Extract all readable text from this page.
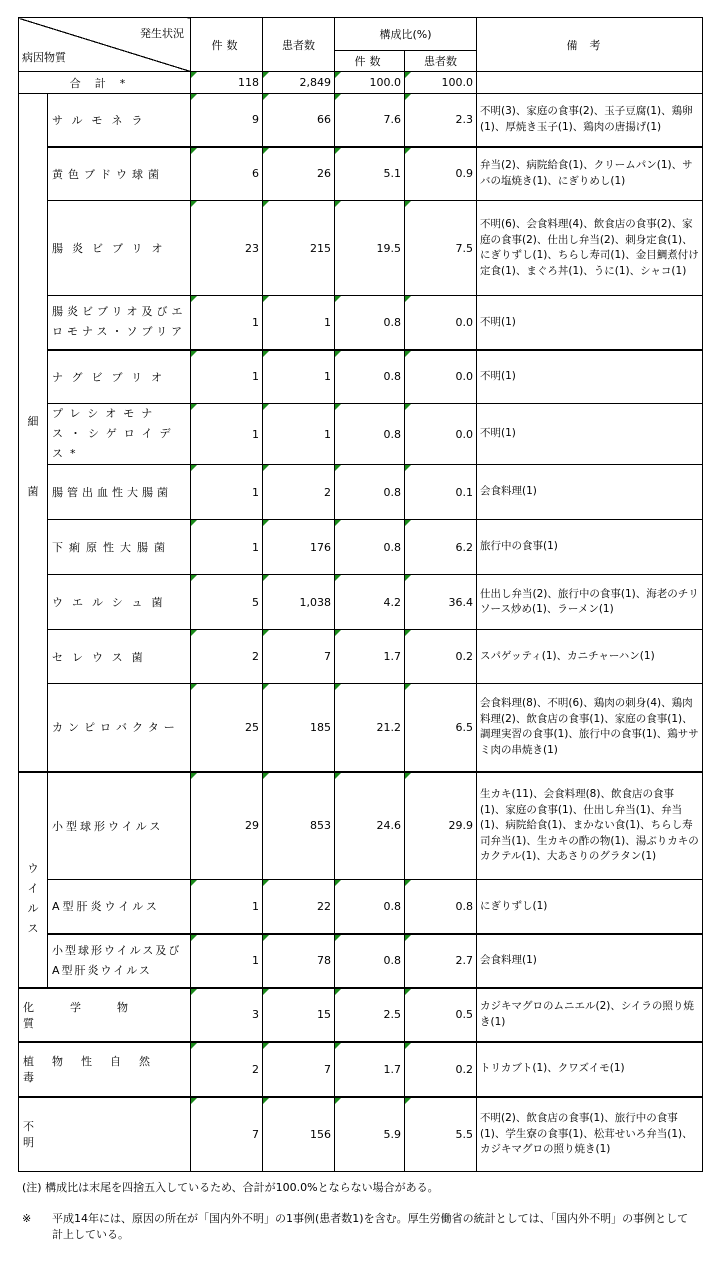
発生状況
病因物質		件数	患者数	構成比(%)		備考
				件数	患者数	
合計*		118	2,849	100.0	100.0	
細菌	サルモネラ	9	66	7.6	2.3	不明(3)、家庭の食事(2)、玉子豆腐(1)、鶏卵(1)、厚焼き玉子(1)、鶏肉の唐揚げ(1)
	黄色ブドウ球菌	6	26	5.1	0.9	弁当(2)、病院給食(1)、クリームパン(1)、サバの塩焼き(1)、にぎりめし(1)
	腸炎ビブリオ	23	215	19.5	7.5	不明(6)、会食料理(4)、飲食店の食事(2)、家庭の食事(2)、仕出し弁当(2)、刺身定食(1)、にぎりずし(1)、ちらし寿司(1)、金目鯛煮付け定食(1)、まぐろ丼(1)、うに(1)、シャコ(1)

	腸炎ビブリオ及びエロモナス・ソブリア	1	1	0.8	0.0	不明(1)
	ナグビブリオ	1	1	0.8	0.0	不明(1)

	プレシオモナス・シゲロイデス*	1	1	0.8	0.0	不明(1)
	腸管出血性大腸菌	1	2	0.8	0.1	会食料理(1)
	下痢原性大腸菌	1	176	0.8	6.2	旅行中の食事(1)
	ウエルシュ菌	5	1,038	4.2	36.4	仕出し弁当(2)、旅行中の食事(1)、海老のチリソース炒め(1)、ラーメン(1)
	セレウス菌	2	7	1.7	0.2	スパゲッティ(1)、カニチャーハン(1)
	カンピロバクター	25	185	21.2	6.5	会食料理(8)、不明(6)、鶏肉の刺身(4)、鶏肉料理(2)、飲食店の食事(1)、家庭の食事(1)、調理実習の食事(1)、旅行中の食事(1)、鶏ササミ肉の串焼き(1)
ウイルス	小型球形ウイルス	29	853	24.6	29.9	生カキ(11)、会食料理(8)、飲食店の食事(1)、家庭の食事(1)、仕出し弁当(1)、弁当(1)、病院給食(1)、まかない食(1)、ちらし寿司弁当(1)、生カキの酢の物(1)、湯ぶりカキのカクテル(1)、大あさりのグラタン(1)
	A型肝炎ウイルス	1	22	0.8	0.8	にぎりずし(1)

	小型球形ウイルス及びA型肝炎ウイルス	1	78	0.8	2.7	会食料理(1)
化学物質		3	15	2.5	0.5	カジキマグロのムニエル(2)、シイラの照り焼き(1)
植物性自然毒		2	7	1.7	0.2	トリカブト(1)、クワズイモ(1)
不明		7	156	5.9	5.5	不明(2)、飲食店の食事(1)、旅行中の食事(1)、学生寮の食事(1)、松茸せいろ弁当(1)、カジキマグロの照り焼き(1)
(注) 構成比は末尾を四捨五入しているため、合計が100.0%とならない場合がある。
※ 平成14年には、原因の所在が「国内外不明」の1事例(患者数1)を含む。厚生労働省の統計としては、「国内外不明」の事例として計上している。
